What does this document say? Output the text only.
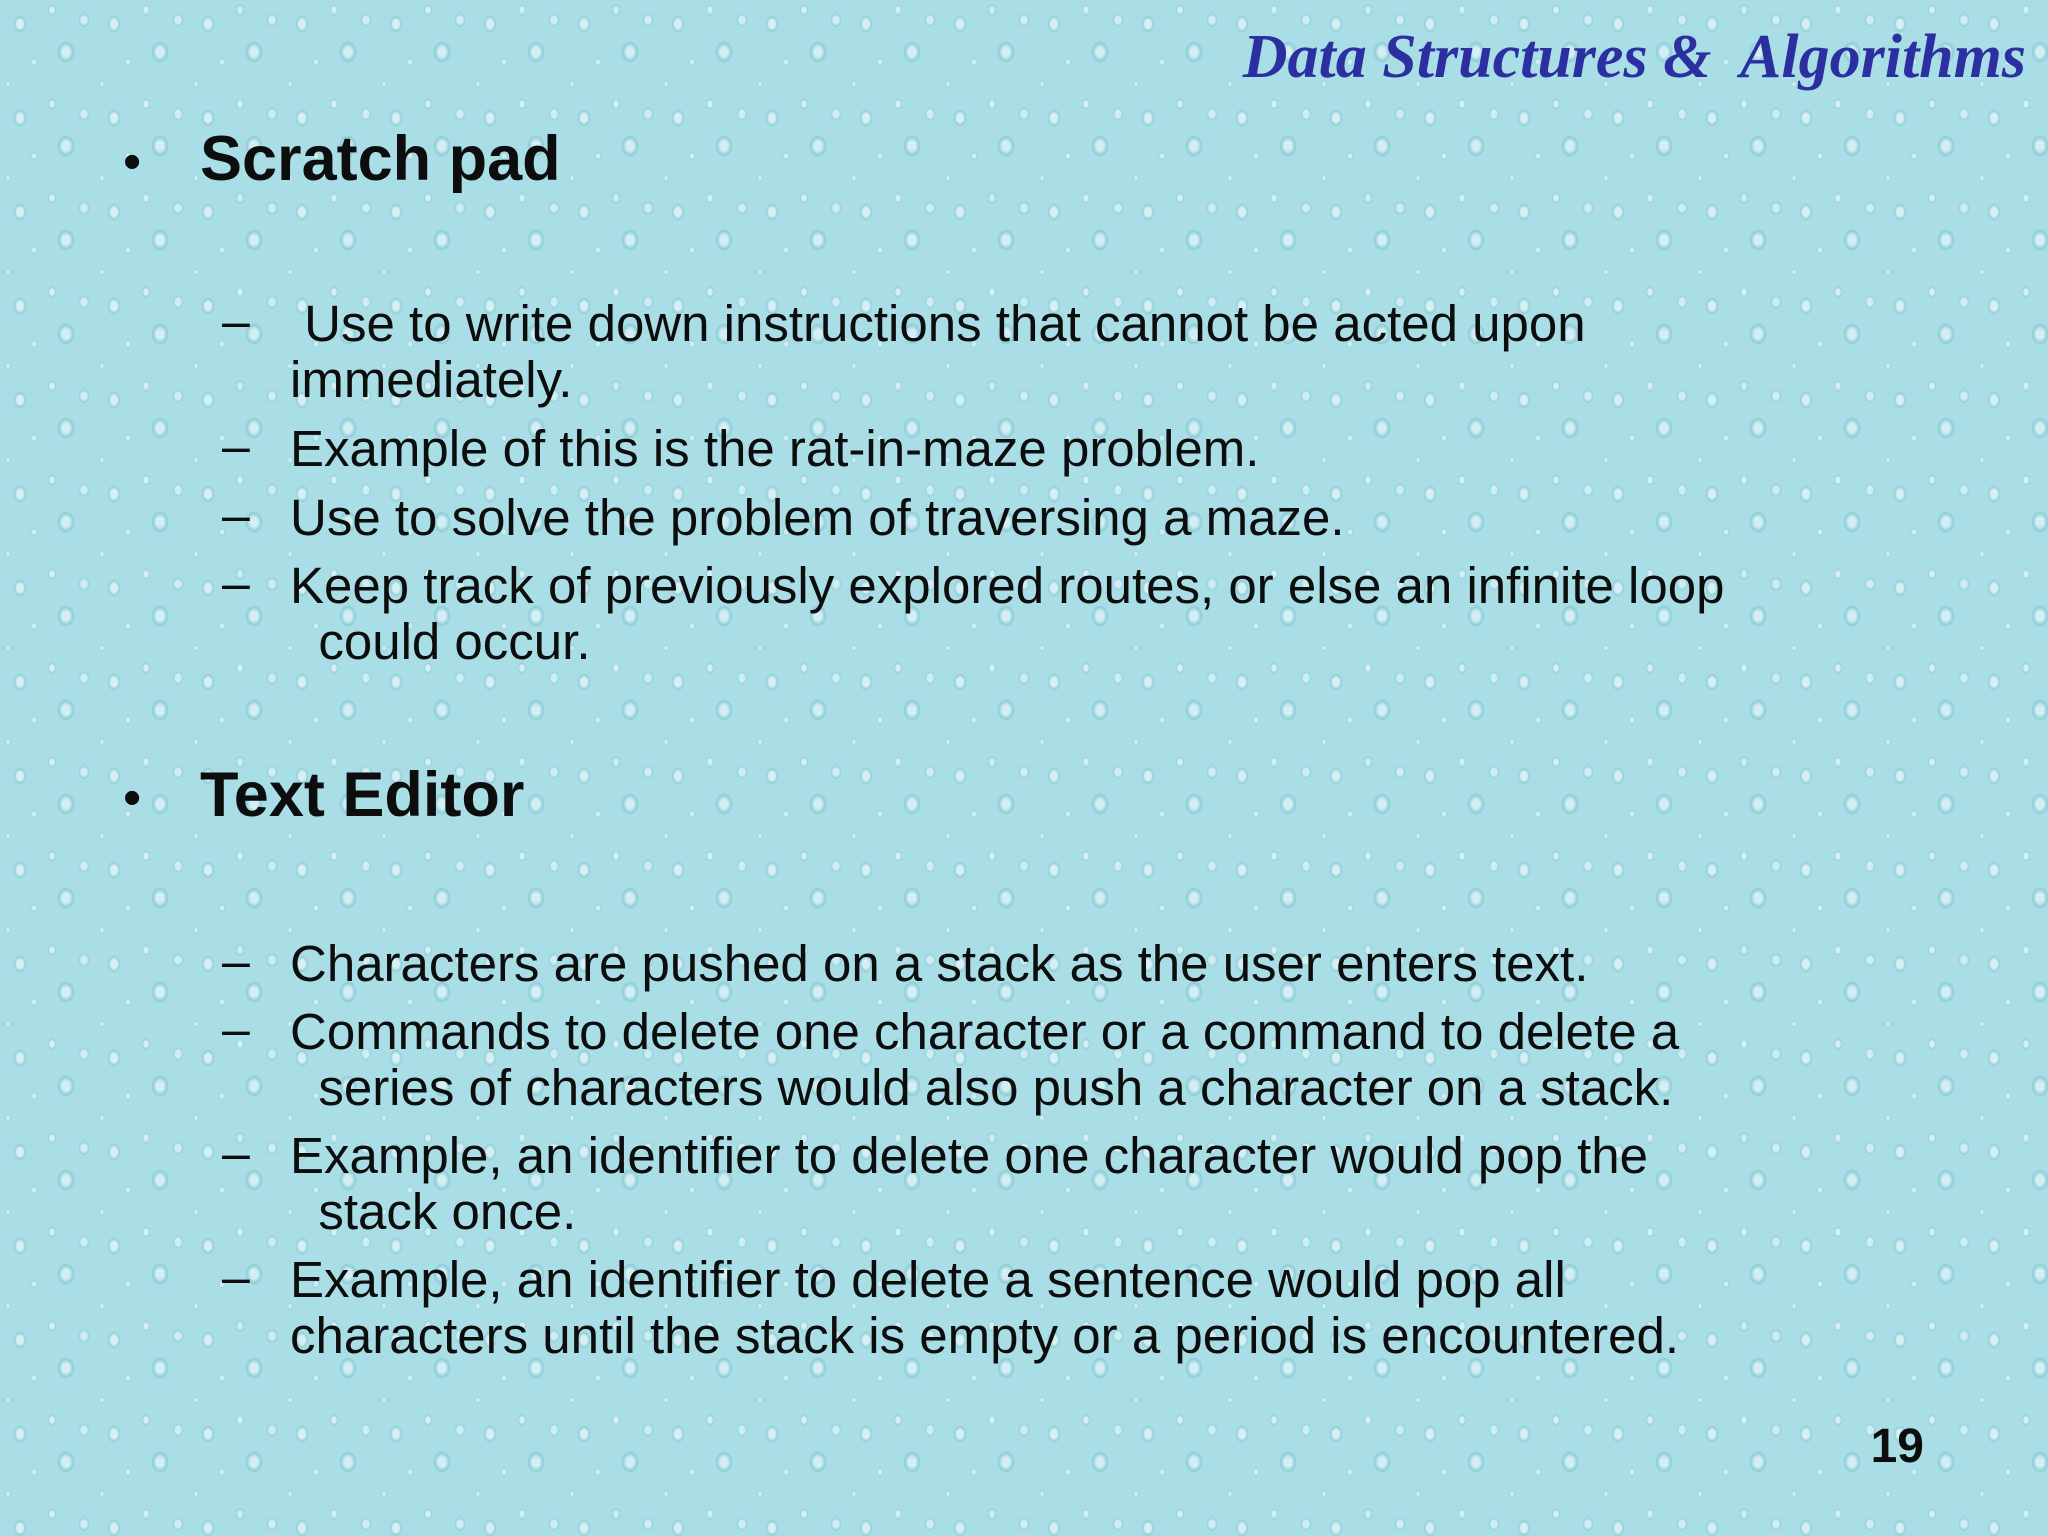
Data Structures &  Algorithms
• Scratch pad
– Use to write down instructions that cannot be acted upon
immediately.
– Example of this is the rat-in-maze problem.
– Use to solve the problem of traversing a maze.
– Keep track of previously explored routes, or else an infinite loop
could occur.
• Text Editor
– Characters are pushed on a stack as the user enters text.
– Commands to delete one character or a command to delete a
series of characters would also push a character on a stack.
– Example, an identifier to delete one character would pop the
stack once.
– Example, an identifier to delete a sentence would pop all
characters until the stack is empty or a period is encountered.
19
